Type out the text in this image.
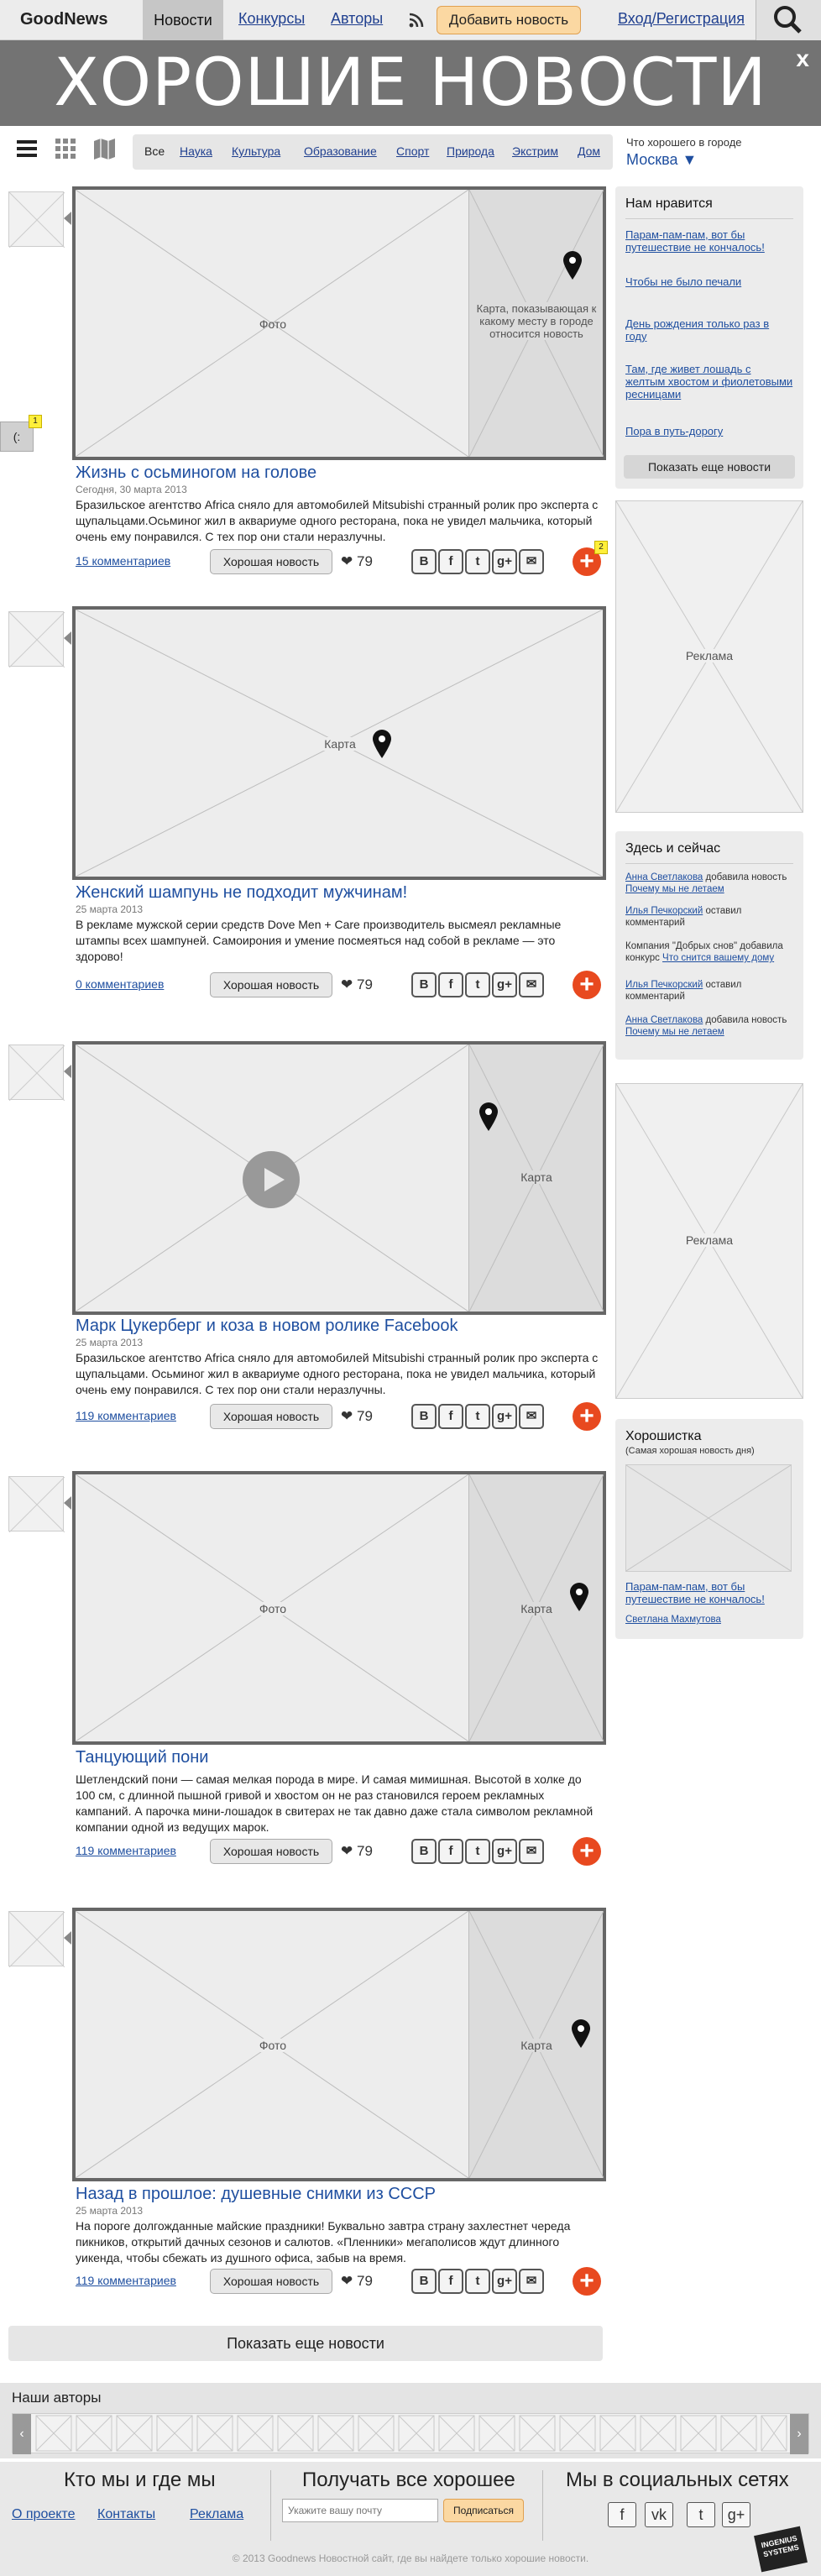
GoodNews	Новости	Конкурсы Авторы	Добавить новость	Вход/Регистрация
ХОРОШИЕ НОВОСТИ	x
Все Наука Культура Образование Спорт Природа Экстрим Дом
Что хорошего в городе
Москва ▼
(:
1
Фото
Карта, показывающая к какому месту в городе относится новость
Жизнь с осьминогом на голове
Сегодня, 30 марта 2013
Бразильское агентство Africa сняло для автомобилей Mitsubishi странный ролик про эксперта с щупальцами.Осьминог жил в аквариуме одного ресторана, пока не увидел мальчика, который очень ему понравился. С тех пор они стали неразлучны.
15 комментариев	Хорошая новость	❤ 79	B	f	t	g+	✉ +
2
Карта
Женский шампунь не подходит мужчинам!
25 марта 2013
В рекламе мужской серии средств Dove Men + Care производитель высмеял рекламные штампы всех шампуней. Самоирония и умение посмеяться над собой в рекламе — это здорово!
0 комментариев	Хорошая новость	❤ 79	B	f	t	g+	✉ +
Карта
Марк Цукерберг и коза в новом ролике Facebook
25 марта 2013
Бразильское агентство Africa сняло для автомобилей Mitsubishi странный ролик про эксперта с щупальцами. Осьминог жил в аквариуме одного ресторана, пока не увидел мальчика, который очень ему понравился. С тех пор они стали неразлучны.
119 комментариев	Хорошая новость	❤ 79	B	f	t	g+	✉ +
Фото	Карта
Танцующий пони
Шетлендский пони — самая мелкая порода в мире. И самая мимишная. Высотой в холке до 100 см, с длинной пышной гривой и хвостом он не раз становился героем рекламных кампаний. А парочка мини-лошадок в свитерах не так давно даже стала символом рекламной компании одной из ведущих марок.
119 комментариев	Хорошая новость	❤ 79	B	f	t	g+	✉ +
Фото	Карта
Назад в прошлое: душевные снимки из СССР
25 марта 2013
На пороге долгожданные майские праздники! Буквально завтра страну захлестнет череда пикников, открытий дачных сезонов и салютов. «Пленники» мегаполисов ждут длинного уикенда, чтобы сбежать из душного офиса, забыв на время.
119 комментариев	Хорошая новость	❤ 79	B	f	t	g+	✉ +
Нам нравится
Парам-пам-пам, вот бы путешествие не кончалось!
Чтобы не было печали
День рождения только раз в году
Там, где живет лошадь с желтым хвостом и фиолетовыми ресницами
Пора в путь-дорогу
Показать еще новости
Реклама
Здесь и сейчас
Анна Светлакова добавила новость Почему мы не летаем
Илья Печкорский оставил комментарий
Компания "Добрых снов" добавила конкурс Что снится вашему дому
Илья Печкорский оставил комментарий
Анна Светлакова добавила новость Почему мы не летаем
Реклама
Хорошистка
(Самая хорошая новость дня)
Парам-пам-пам, вот бы путешествие не кончалось!
Светлана Махмутова
Показать еще новости
Наши авторы
‹	›
Кто мы и где мы
О проекте Контакты	Реклама
Получать все хорошее
Укажите вашу почту
Подписаться
Мы в социальных сетях
f	vk	t	g+
© 2013 Goodnews Новостной сайт, где вы найдете только хорошие новости.
INGENIUS SYSTEMS
